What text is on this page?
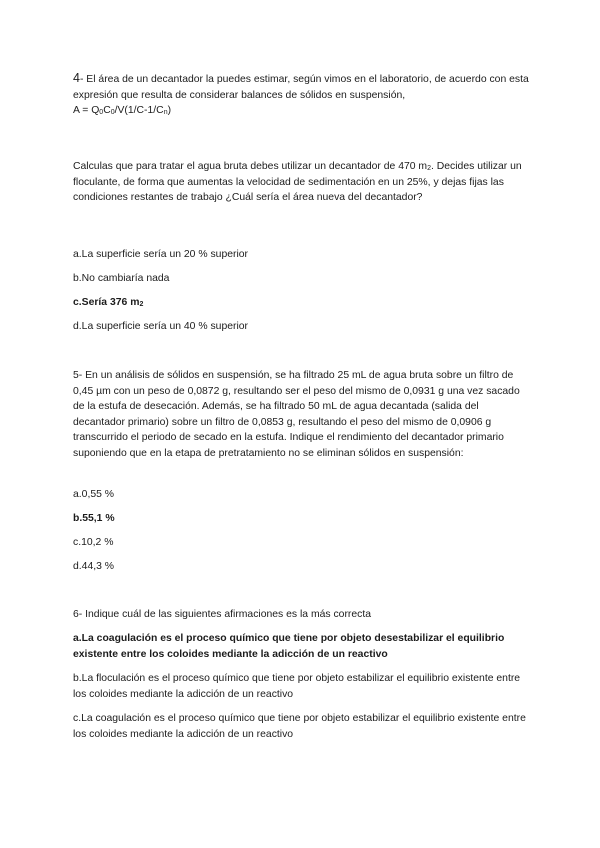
4- El área de un decantador la puedes estimar, según vimos en el laboratorio, de acuerdo con esta expresión que resulta de considerar balances de sólidos en suspensión,
$A = Q_0C_0/V(1/C-1/C_n)$

Calculas que para tratar el agua bruta debes utilizar un decantador de 470 $m_2$. Decides utilizar un floculante, de forma que aumentas la velocidad de sedimentación en un 25%, y dejas fijas las condiciones restantes de trabajo ¿Cuál sería el área nueva del decantador?

a.La superficie sería un 20 % superior

b.No cambiaría nada

c.Sería 376 $m_2$

d.La superficie sería un 40 % superior

5- En un análisis de sólidos en suspensión, se ha filtrado 25 mL de agua bruta sobre un filtro de 0,45 µm con un peso de 0,0872 g, resultando ser el peso del mismo de 0,0931 g una vez sacado de la estufa de desecación. Además, se ha filtrado 50 mL de agua decantada (salida del decantador primario) sobre un filtro de 0,0853 g, resultando el peso del mismo de 0,0906 g transcurrido el periodo de secado en la estufa. Indique el rendimiento del decantador primario suponiendo que en la etapa de pretratamiento no se eliminan sólidos en suspensión:

a.0,55 %

b.55,1 %

c.10,2 %

d.44,3 %

6- Indique cuál de las siguientes afirmaciones es la más correcta

a.La coagulación es el proceso químico que tiene por objeto desestabilizar el equilibrio existente entre los coloides mediante la adicción de un reactivo

b.La floculación es el proceso químico que tiene por objeto estabilizar el equilibrio existente entre los coloides mediante la adicción de un reactivo

c.La coagulación es el proceso químico que tiene por objeto estabilizar el equilibrio existente entre los coloides mediante la adicción de un reactivo
